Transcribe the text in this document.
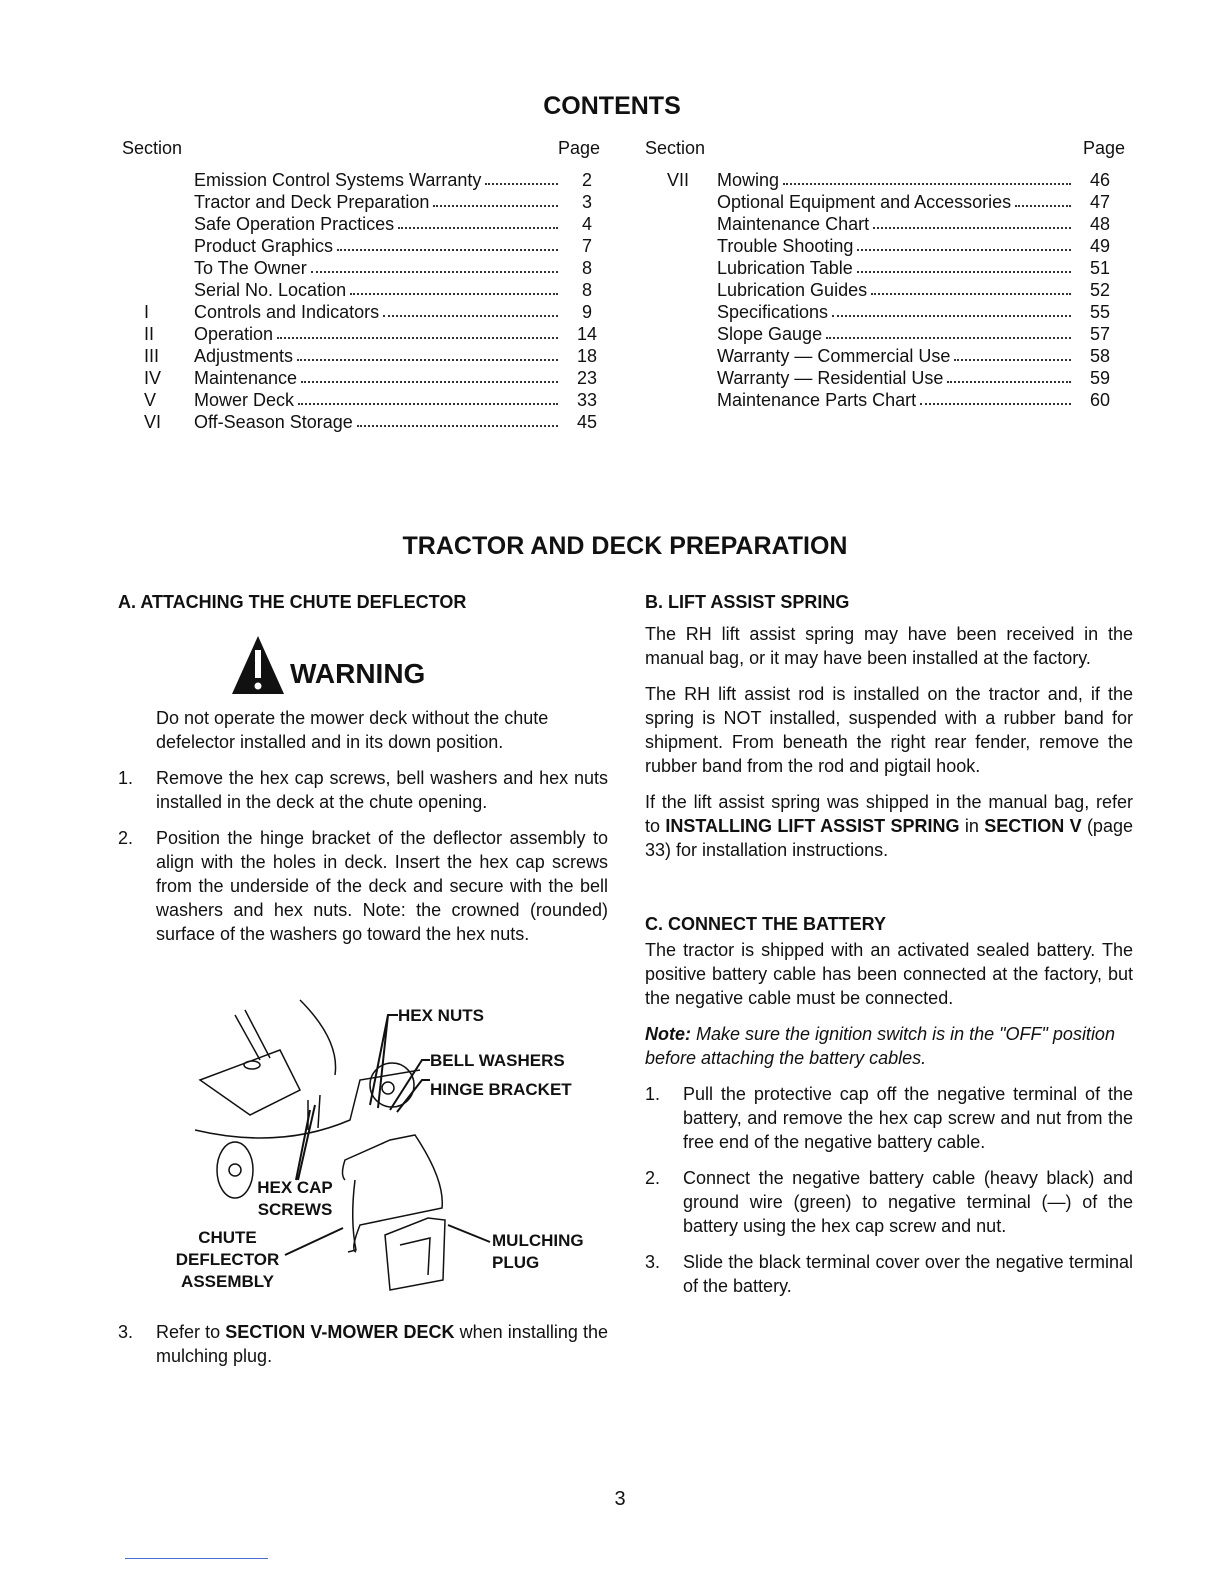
CONTENTS
Section	Page
Emission Control Systems Warranty	2
Tractor and Deck Preparation	3
Safe Operation Practices	4
Product Graphics	7
To The Owner	8
Serial No. Location	8
I	Controls and Indicators	9
II	Operation	14
III	Adjustments	18
IV	Maintenance	23
V	Mower Deck	33
VI	Off-Season Storage	45
Section	Page
VII	Mowing	46
Optional Equipment and Accessories	47
Maintenance Chart	48
Trouble Shooting	49
Lubrication Table	51
Lubrication Guides	52
Specifications	55
Slope Gauge	57
Warranty — Commercial Use	58
Warranty — Residential Use	59
Maintenance Parts Chart	60
TRACTOR AND DECK PREPARATION
A. ATTACHING THE CHUTE DEFLECTOR
WARNING

Do not operate the mower deck without the chute defelector installed and in its down position.

1.	Remove the hex cap screws, bell washers and hex nuts installed in the deck at the chute opening.
2.	Position the hinge bracket of the deflector assembly to align with the holes in deck. Insert the hex cap screws from the underside of the deck and secure with the bell washers and hex nuts. Note: the crowned (rounded) surface of the washers go toward the hex nuts.
HEX NUTS
BELL WASHERS
HINGE BRACKET
HEX CAP
SCREWS
CHUTE
DEFLECTOR
ASSEMBLY
MULCHING
PLUG
3.	Refer to SECTION V-MOWER DECK when installing the mulching plug.
B. LIFT ASSIST SPRING

The RH lift assist spring may have been received in the manual bag, or it may have been installed at the factory.

The RH lift assist rod is installed on the tractor and, if the spring is NOT installed, suspended with a rubber band for shipment. From beneath the right rear fender, remove the rubber band from the rod and pigtail hook.

If the lift assist spring was shipped in the manual bag, refer to INSTALLING LIFT ASSIST SPRING in SECTION V (page 33) for installation instructions.

C. CONNECT THE BATTERY

The tractor is shipped with an activated sealed battery. The positive battery cable has been connected at the factory, but the negative cable must be connected.

Note: Make sure the ignition switch is in the "OFF" position before attaching the battery cables.

1.	Pull the protective cap off the negative terminal of the battery, and remove the hex cap screw and nut from the free end of the negative battery cable.
2.	Connect the negative battery cable (heavy black) and ground wire (green) to negative terminal (—) of the battery using the hex cap screw and nut.
3.	Slide the black terminal cover over the negative terminal of the battery.
3
